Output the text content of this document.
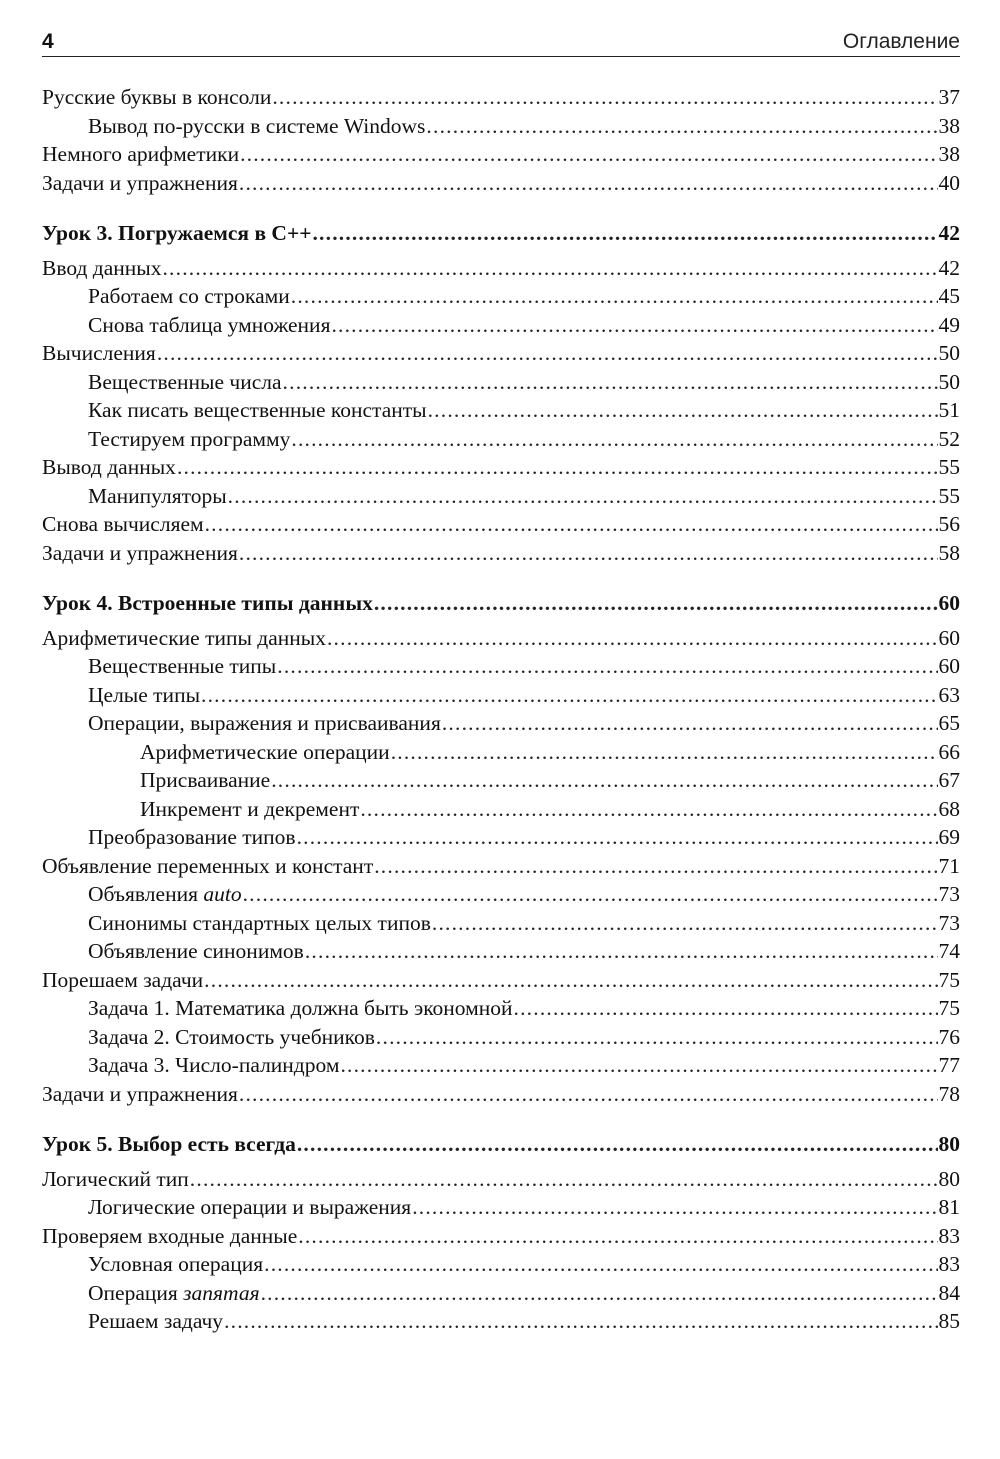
4	Оглавление
Русские буквы в консоли .....	37
Вывод по-русски в системе Windows .....	38
Немного арифметики .....	38
Задачи и упражнения .....	40
Урок 3. Погружаемся в С++ .....	42
Ввод данных .....	42
Работаем со строками .....	45
Снова таблица умножения .....	49
Вычисления .....	50
Вещественные числа .....	50
Как писать вещественные константы .....	51
Тестируем программу .....	52
Вывод данных .....	55
Манипуляторы .....	55
Снова вычисляем .....	56
Задачи и упражнения .....	58
Урок 4. Встроенные типы данных .....	60
Арифметические типы данных .....	60
Вещественные типы .....	60
Целые типы .....	63
Операции, выражения и присваивания .....	65
Арифметические операции .....	66
Присваивание .....	67
Инкремент и декремент .....	68
Преобразование типов .....	69
Объявление переменных и констант .....	71
Объявления auto .....	73
Синонимы стандартных целых типов .....	73
Объявление синонимов .....	74
Порешаем задачи .....	75
Задача 1. Математика должна быть экономной .....	75
Задача 2. Стоимость учебников .....	76
Задача 3. Число-палиндром .....	77
Задачи и упражнения .....	78
Урок 5. Выбор есть всегда .....	80
Логический тип .....	80
Логические операции и выражения .....	81
Проверяем входные данные .....	83
Условная операция .....	83
Операция запятая .....	84
Решаем задачу .....	85
